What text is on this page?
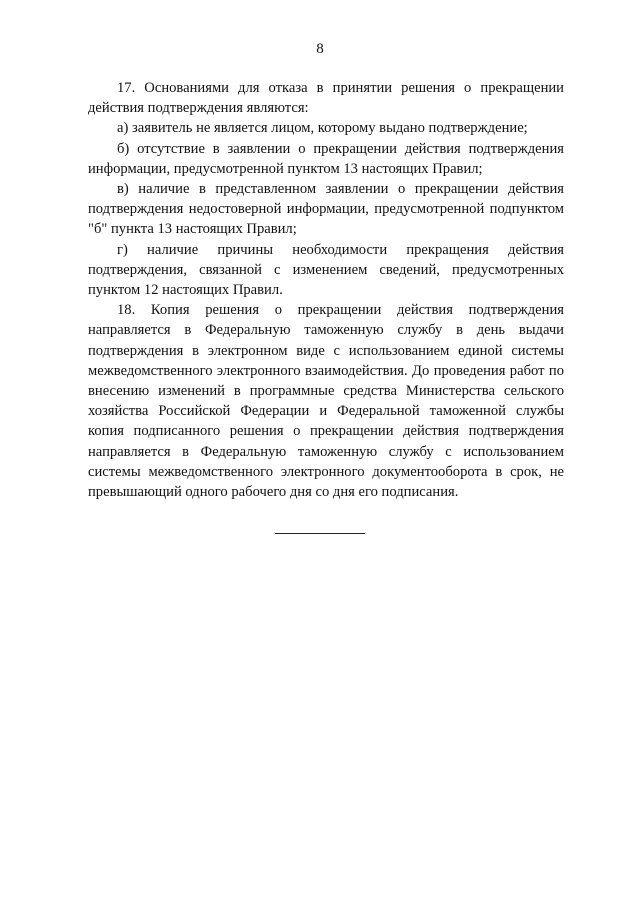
8

17. Основаниями для отказа в принятии решения о прекращении действия подтверждения являются:

а) заявитель не является лицом, которому выдано подтверждение;

б) отсутствие в заявлении о прекращении действия подтверждения информации, предусмотренной пунктом 13 настоящих Правил;

в) наличие в представленном заявлении о прекращении действия подтверждения недостоверной информации, предусмотренной подпунктом "б" пункта 13 настоящих Правил;

г) наличие причины необходимости прекращения действия подтверждения, связанной с изменением сведений, предусмотренных пунктом 12 настоящих Правил.

18. Копия решения о прекращении действия подтверждения направляется в Федеральную таможенную службу в день выдачи подтверждения в электронном виде с использованием единой системы межведомственного электронного взаимодействия. До проведения работ по внесению изменений в программные средства Министерства сельского хозяйства Российской Федерации и Федеральной таможенной службы копия подписанного решения о прекращении действия подтверждения направляется в Федеральную таможенную службу с использованием системы межведомственного электронного документооборота в срок, не превышающий одного рабочего дня со дня его подписания.
